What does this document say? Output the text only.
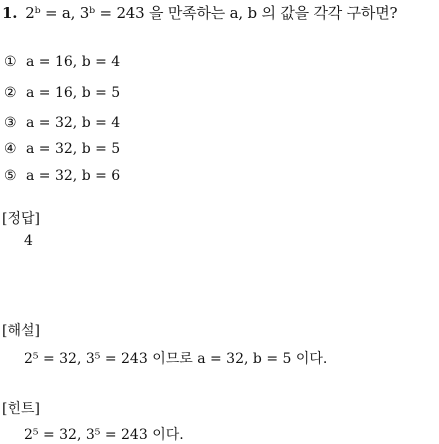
1. 2ᵇ = a, 3ᵇ = 243 을 만족하는 a, b 의 값을 각각 구하면?
① a = 16, b = 4
② a = 16, b = 5
③ a = 32, b = 4
④ a = 32, b = 5
⑤ a = 32, b = 6
[정답]
4
[해설]
2⁵ = 32, 3⁵ = 243 이므로 a = 32, b = 5 이다.
[힌트]
2⁵ = 32, 3⁵ = 243 이다.
